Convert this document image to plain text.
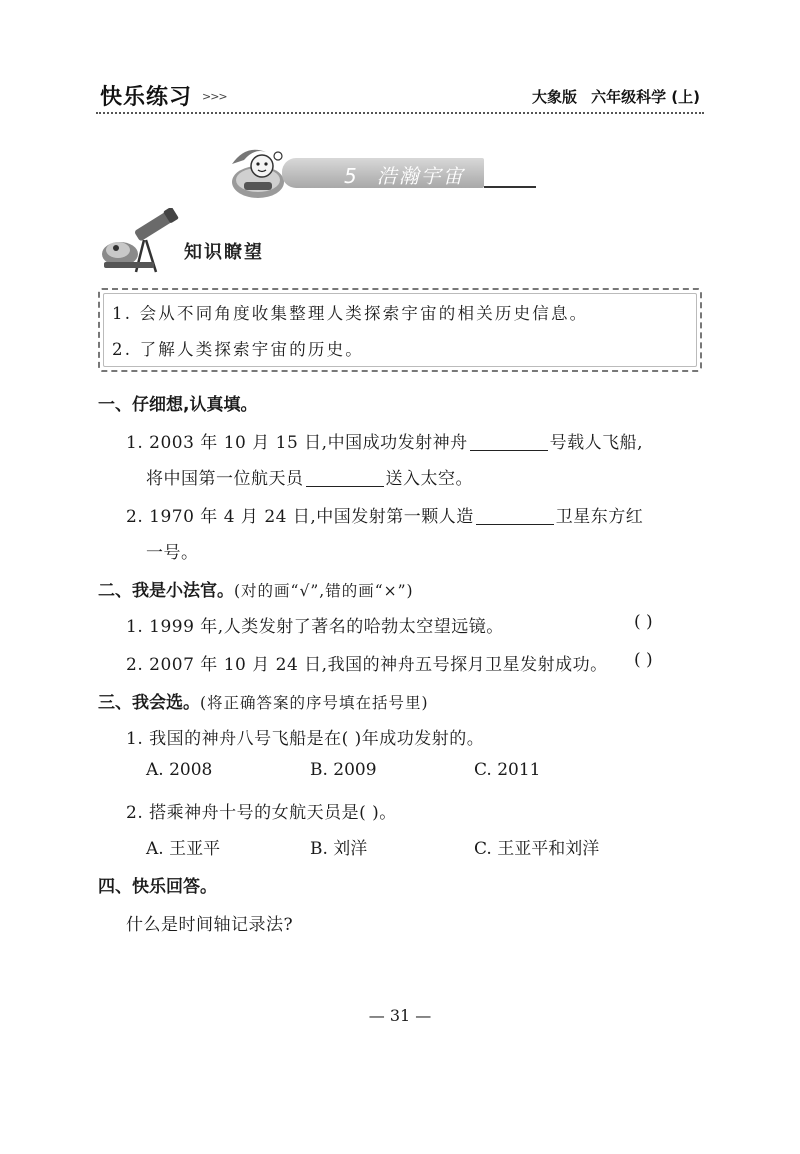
快乐练习 >>>	大象版 六年级科学 (上)
5 浩瀚宇宙
知识瞭望
1. 会从不同角度收集整理人类探索宇宙的相关历史信息。
2. 了解人类探索宇宙的历史。
一、仔细想,认真填。
1. 2003 年 10 月 15 日,中国成功发射神舟	号载人飞船,
将中国第一位航天员	送入太空。
2. 1970 年 4 月 24 日,中国发射第一颗人造	卫星东方红
一号。
二、我是小法官。(对的画“√”,错的画“×”)
1. 1999 年,人类发射了著名的哈勃太空望远镜。	( )
2. 2007 年 10 月 24 日,我国的神舟五号探月卫星发射成功。 ( )
三、我会选。(将正确答案的序号填在括号里)
1. 我国的神舟八号飞船是在( )年成功发射的。
A. 2008	B. 2009	C. 2011
2. 搭乘神舟十号的女航天员是( )。
A. 王亚平	B. 刘洋	C. 王亚平和刘洋
四、快乐回答。
什么是时间轴记录法?
— 31 —
